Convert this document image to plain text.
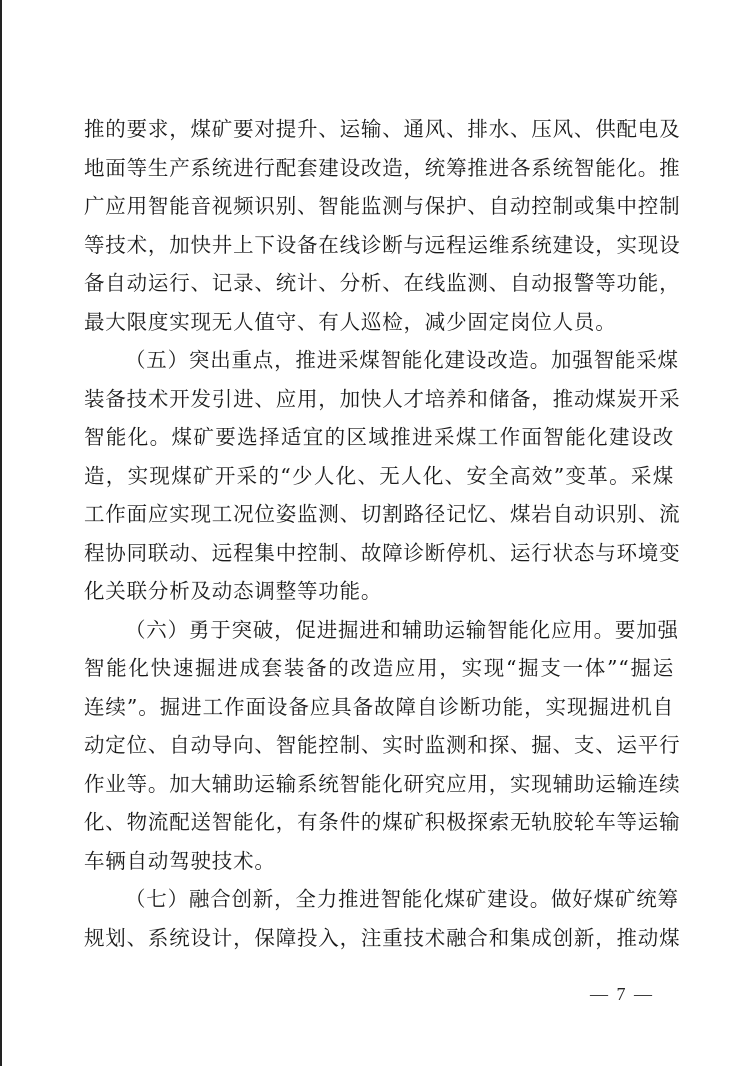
推的要求，煤矿要对提升、运输、通风、排水、压风、供配电及
地面等生产系统进行配套建设改造，统筹推进各系统智能化。推
广应用智能音视频识别、智能监测与保护、自动控制或集中控制
等技术，加快井上下设备在线诊断与远程运维系统建设，实现设
备自动运行、记录、统计、分析、在线监测、自动报警等功能，
最大限度实现无人值守、有人巡检，减少固定岗位人员。
（五）突出重点，推进采煤智能化建设改造。加强智能采煤
装备技术开发引进、应用，加快人才培养和储备，推动煤炭开采
智能化。煤矿要选择适宜的区域推进采煤工作面智能化建设改
造，实现煤矿开采的“少人化、无人化、安全高效”变革。采煤
工作面应实现工况位姿监测、切割路径记忆、煤岩自动识别、流
程协同联动、远程集中控制、故障诊断停机、运行状态与环境变
化关联分析及动态调整等功能。
（六）勇于突破，促进掘进和辅助运输智能化应用。要加强
智能化快速掘进成套装备的改造应用，实现“掘支一体”“掘运
连续”。掘进工作面设备应具备故障自诊断功能，实现掘进机自
动定位、自动导向、智能控制、实时监测和探、掘、支、运平行
作业等。加大辅助运输系统智能化研究应用，实现辅助运输连续
化、物流配送智能化，有条件的煤矿积极探索无轨胶轮车等运输
车辆自动驾驶技术。
（七）融合创新，全力推进智能化煤矿建设。做好煤矿统筹
规划、系统设计，保障投入，注重技术融合和集成创新，推动煤
— 7 —
